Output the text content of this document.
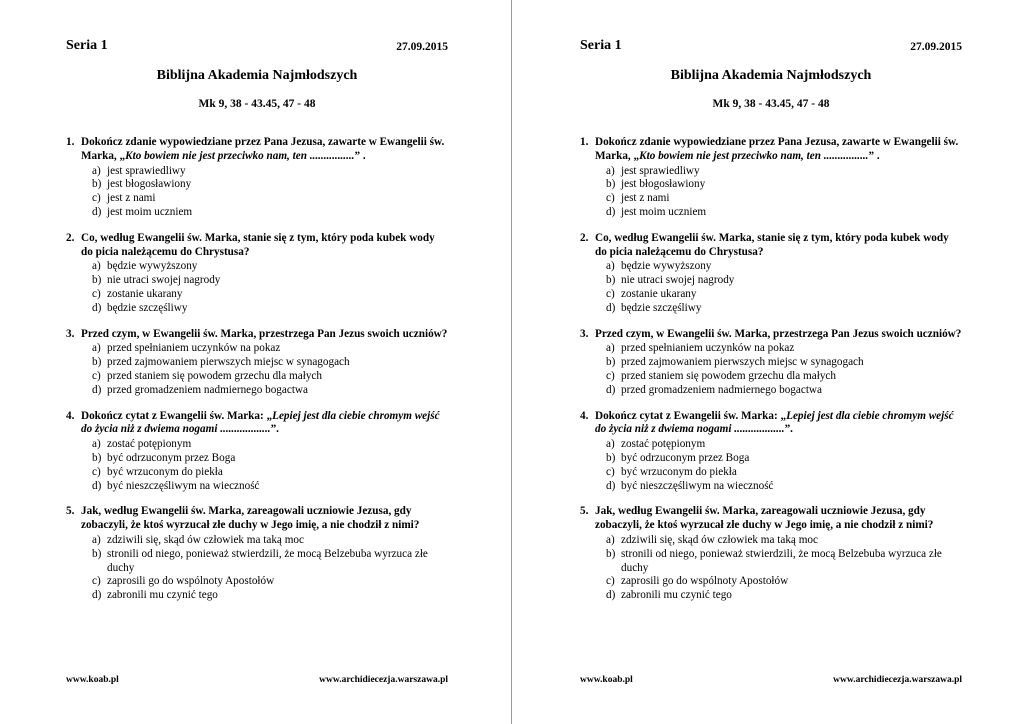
Seria 1	27.09.2015
Biblijna Akademia Najmłodszych
Mk 9, 38 - 43.45, 47 - 48
1. Dokończ zdanie wypowiedziane przez Pana Jezusa, zawarte w Ewangelii św. Marka, „Kto bowiem nie jest przeciwko nam, ten ................” .
a) jest sprawiedliwy
b) jest błogosławiony
c) jest z nami
d) jest moim uczniem
2. Co, według Ewangelii św. Marka, stanie się z tym, który poda kubek wody do picia należącemu do Chrystusa?
a) będzie wywyższony
b) nie utraci swojej nagrody
c) zostanie ukarany
d) będzie szczęśliwy
3. Przed czym, w Ewangelii św. Marka, przestrzega Pan Jezus swoich uczniów?
a) przed spełnianiem uczynków na pokaz
b) przed zajmowaniem pierwszych miejsc w synagogach
c) przed staniem się powodem grzechu dla małych
d) przed gromadzeniem nadmiernego bogactwa
4. Dokończ cytat z Ewangelii św. Marka: „Lepiej jest dla ciebie chromym wejść do życia niż z dwiema nogami ..................”.
a) zostać potępionym
b) być odrzuconym przez Boga
c) być wrzuconym do piekła
d) być nieszczęśliwym na wieczność
5. Jak, według Ewangelii św. Marka, zareagowali uczniowie Jezusa, gdy zobaczyli, że ktoś wyrzucał złe duchy w Jego imię, a nie chodził z nimi?
a) zdziwili się, skąd ów człowiek ma taką moc
b) stronili od niego, ponieważ stwierdzili, że mocą Belzebuba wyrzuca złe duchy
c) zaprosili go do wspólnoty Apostołów
d) zabronili mu czynić tego
www.koab.pl	www.archidiecezja.warszawa.pl
Seria 1	27.09.2015
Biblijna Akademia Najmłodszych
Mk 9, 38 - 43.45, 47 - 48
1. Dokończ zdanie wypowiedziane przez Pana Jezusa, zawarte w Ewangelii św. Marka, „Kto bowiem nie jest przeciwko nam, ten ................” .
a) jest sprawiedliwy
b) jest błogosławiony
c) jest z nami
d) jest moim uczniem
2. Co, według Ewangelii św. Marka, stanie się z tym, który poda kubek wody do picia należącemu do Chrystusa?
a) będzie wywyższony
b) nie utraci swojej nagrody
c) zostanie ukarany
d) będzie szczęśliwy
3. Przed czym, w Ewangelii św. Marka, przestrzega Pan Jezus swoich uczniów?
a) przed spełnianiem uczynków na pokaz
b) przed zajmowaniem pierwszych miejsc w synagogach
c) przed staniem się powodem grzechu dla małych
d) przed gromadzeniem nadmiernego bogactwa
4. Dokończ cytat z Ewangelii św. Marka: „Lepiej jest dla ciebie chromym wejść do życia niż z dwiema nogami ..................”.
a) zostać potępionym
b) być odrzuconym przez Boga
c) być wrzuconym do piekła
d) być nieszczęśliwym na wieczność
5. Jak, według Ewangelii św. Marka, zareagowali uczniowie Jezusa, gdy zobaczyli, że ktoś wyrzucał złe duchy w Jego imię, a nie chodził z nimi?
a) zdziwili się, skąd ów człowiek ma taką moc
b) stronili od niego, ponieważ stwierdzili, że mocą Belzebuba wyrzuca złe duchy
c) zaprosili go do wspólnoty Apostołów
d) zabronili mu czynić tego
www.koab.pl	www.archidiecezja.warszawa.pl
